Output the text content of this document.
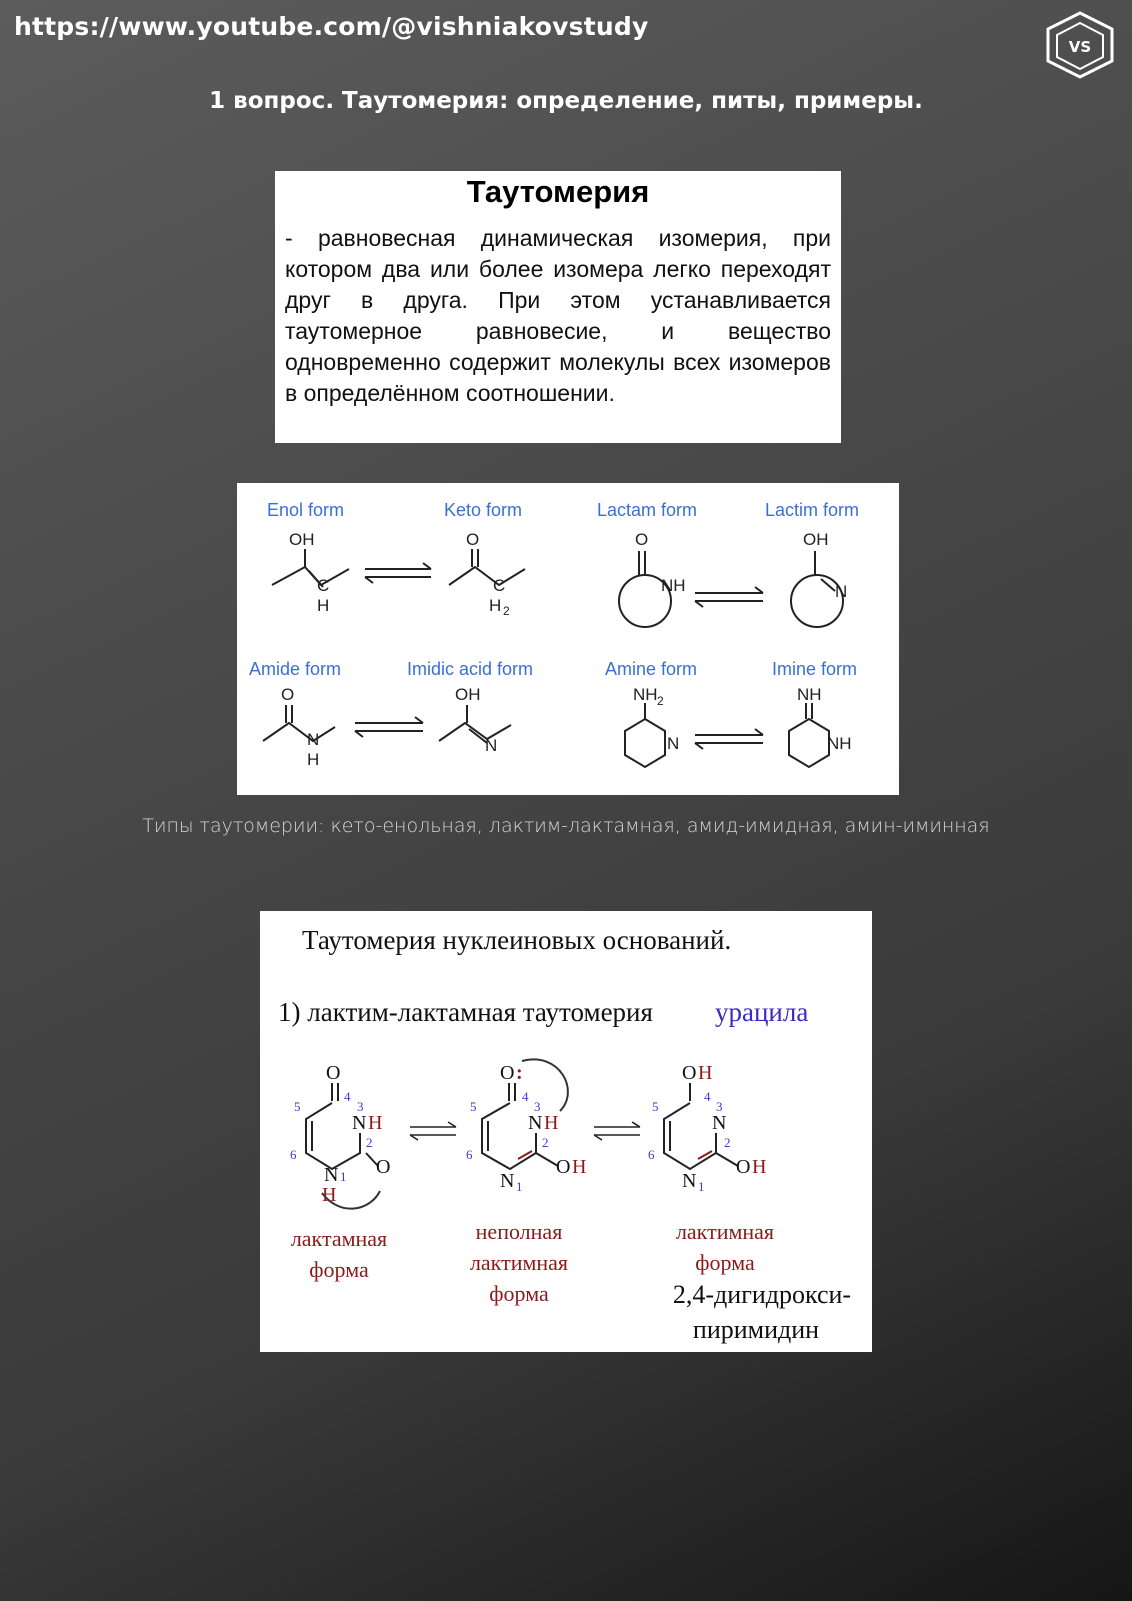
https://www.youtube.com/@vishniakovstudy
VS
1 вопрос. Таутомерия: определение, питы, примеры.
Таутомерия
- равновесная динамическая изомерия, при котором два или более изомера легко переходят друг в друга. При этом устанавливается таутомерное равновесие, и вещество одновременно содержит молекулы всех изомеров в определённом соотношении.
Enol form	Keto form	Lactam form	Lactim form
Amide form	Imidic acid form	Amine form	Imine form
OH
C
H
O
C
H 2
O
NH
OH
N
O
N
H
OH
N
NH 2
N
NH
NH
Типы таутомерии: кето-енольная, лактим-лактамная, амид-имидная, амин-иминная
Таутомерия нуклеиновых оснований.
1) лактим-лактамная таутомерия урацила
O
N H
N
H
O
O :
N H
N
O H
O H
N
N
O H
4
3
2
1
5
6
4
3
2
1
5
6
4
3
2
1
5
6
лактамная
форма
неполная
лактимная
форма
лактимная
форма
2,4-дигидрокси-
пиримидин
